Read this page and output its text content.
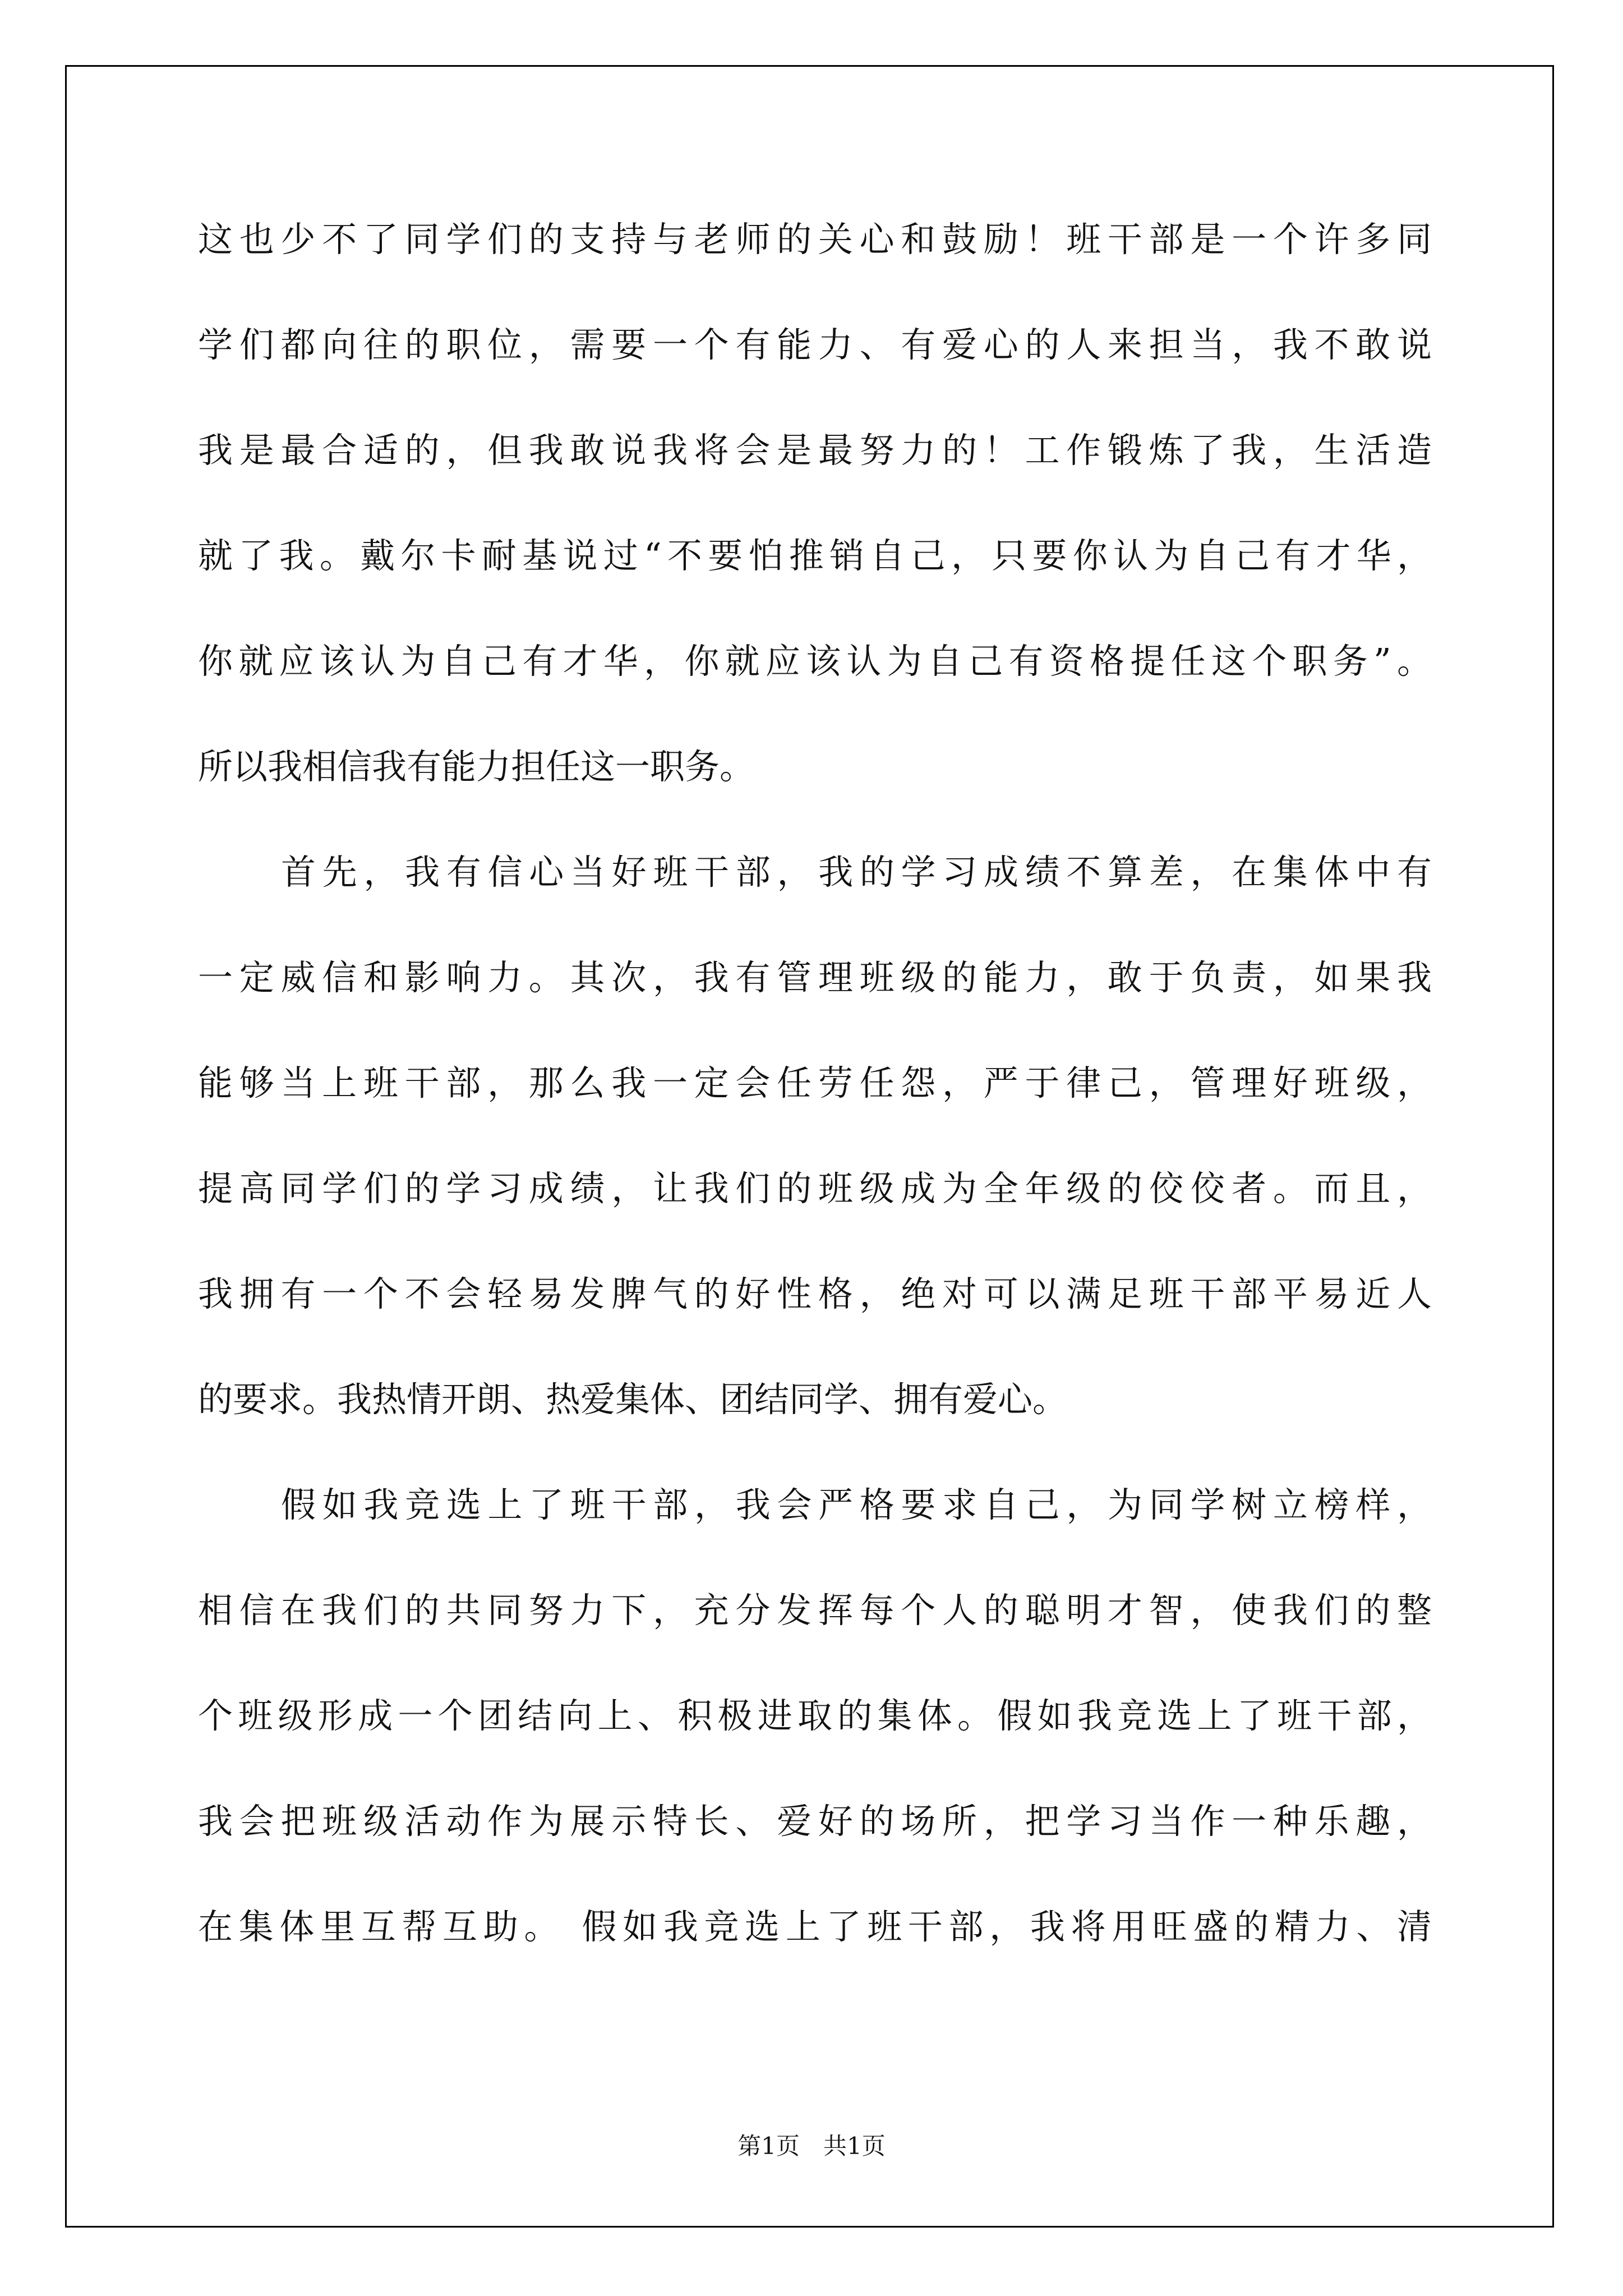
这也少不了同学们的支持与老师的关心和鼓励！班干部是一个许多同
学们都向往的职位，需要一个有能力、有爱心的人来担当，我不敢说
我是最合适的，但我敢说我将会是最努力的！工作锻炼了我，生活造
就了我。戴尔卡耐基说过“不要怕推销自己，只要你认为自己有才华，
你就应该认为自己有才华，你就应该认为自己有资格提任这个职务”。
所以我相信我有能力担任这一职务。
首先，我有信心当好班干部，我的学习成绩不算差，在集体中有
一定威信和影响力。其次，我有管理班级的能力，敢于负责，如果我
能够当上班干部，那么我一定会任劳任怨，严于律己，管理好班级，
提高同学们的学习成绩，让我们的班级成为全年级的佼佼者。而且，
我拥有一个不会轻易发脾气的好性格，绝对可以满足班干部平易近人
的要求。我热情开朗、热爱集体、团结同学、拥有爱心。
假如我竞选上了班干部，我会严格要求自己，为同学树立榜样，
相信在我们的共同努力下，充分发挥每个人的聪明才智，使我们的整
个班级形成一个团结向上、积极进取的集体。假如我竞选上了班干部，
我会把班级活动作为展示特长、爱好的场所，把学习当作一种乐趣，
在集体里互帮互助。 假如我竞选上了班干部，我将用旺盛的精力、清
第1页　共1页
